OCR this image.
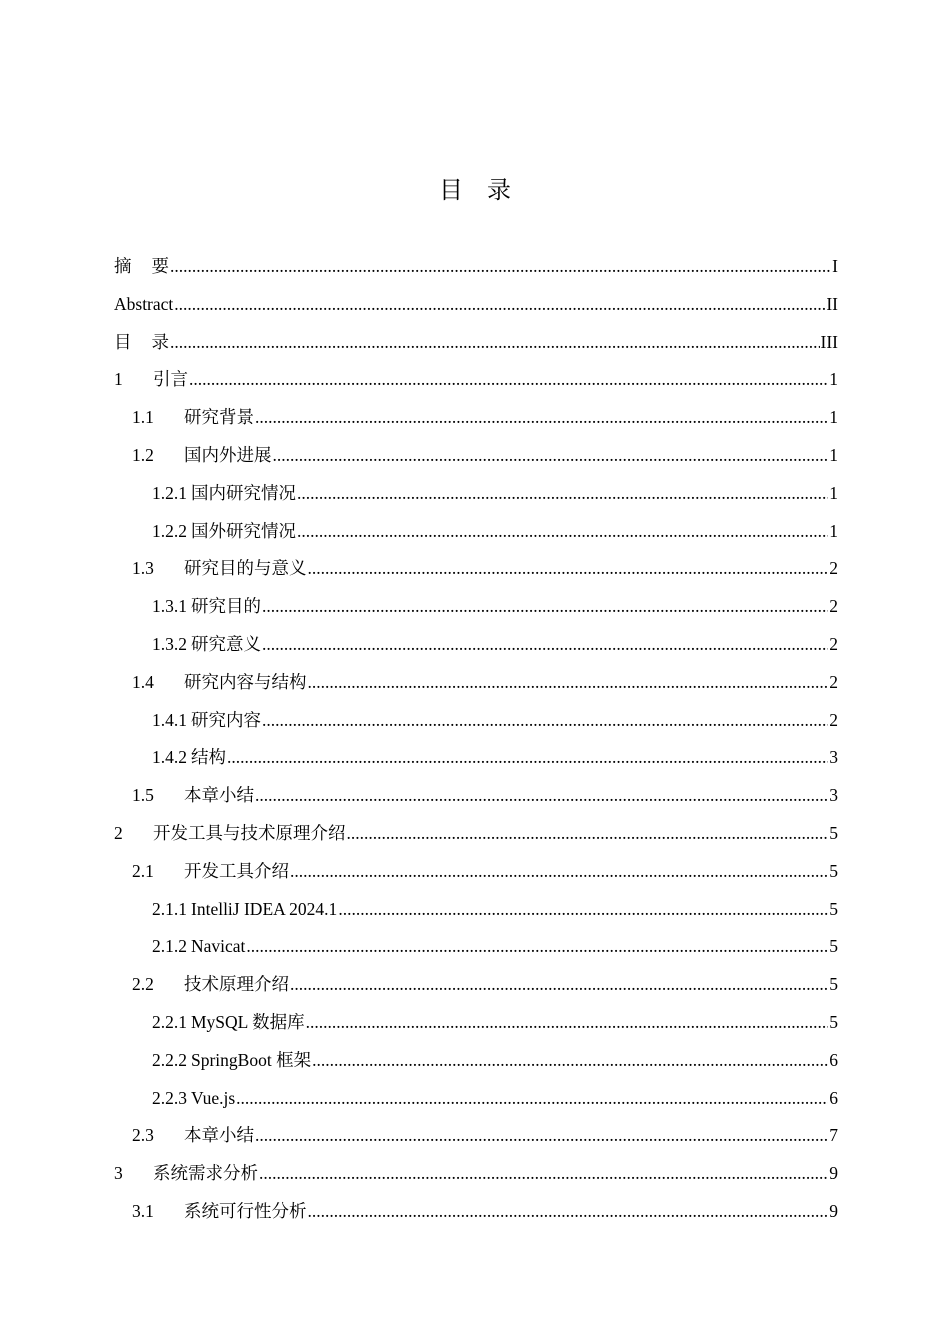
目 录
摘 要 .....	I
Abstract .....	II
目 录 .....	III
1	引言 .....	1
1.1	研究背景 .....	1
1.2	国内外进展 .....	1
1.2.1 国内研究情况 .....	1
1.2.2 国外研究情况 .....	1
1.3	研究目的与意义 .....	2
1.3.1 研究目的 .....	2
1.3.2 研究意义 .....	2
1.4	研究内容与结构 .....	2
1.4.1 研究内容 .....	2
1.4.2 结构 .....	3
1.5	本章小结 .....	3
2	开发工具与技术原理介绍 .....	5
2.1	开发工具介绍 .....	5
2.1.1 IntelliJ IDEA 2024.1 .....	5
2.1.2 Navicat .....	5
2.2	技术原理介绍 .....	5
2.2.1 MySQL 数据库 .....	5
2.2.2 SpringBoot 框架 .....	6
2.2.3 Vue.js .....	6
2.3	本章小结 .....	7
3	系统需求分析 .....	9
3.1	系统可行性分析 .....	9
